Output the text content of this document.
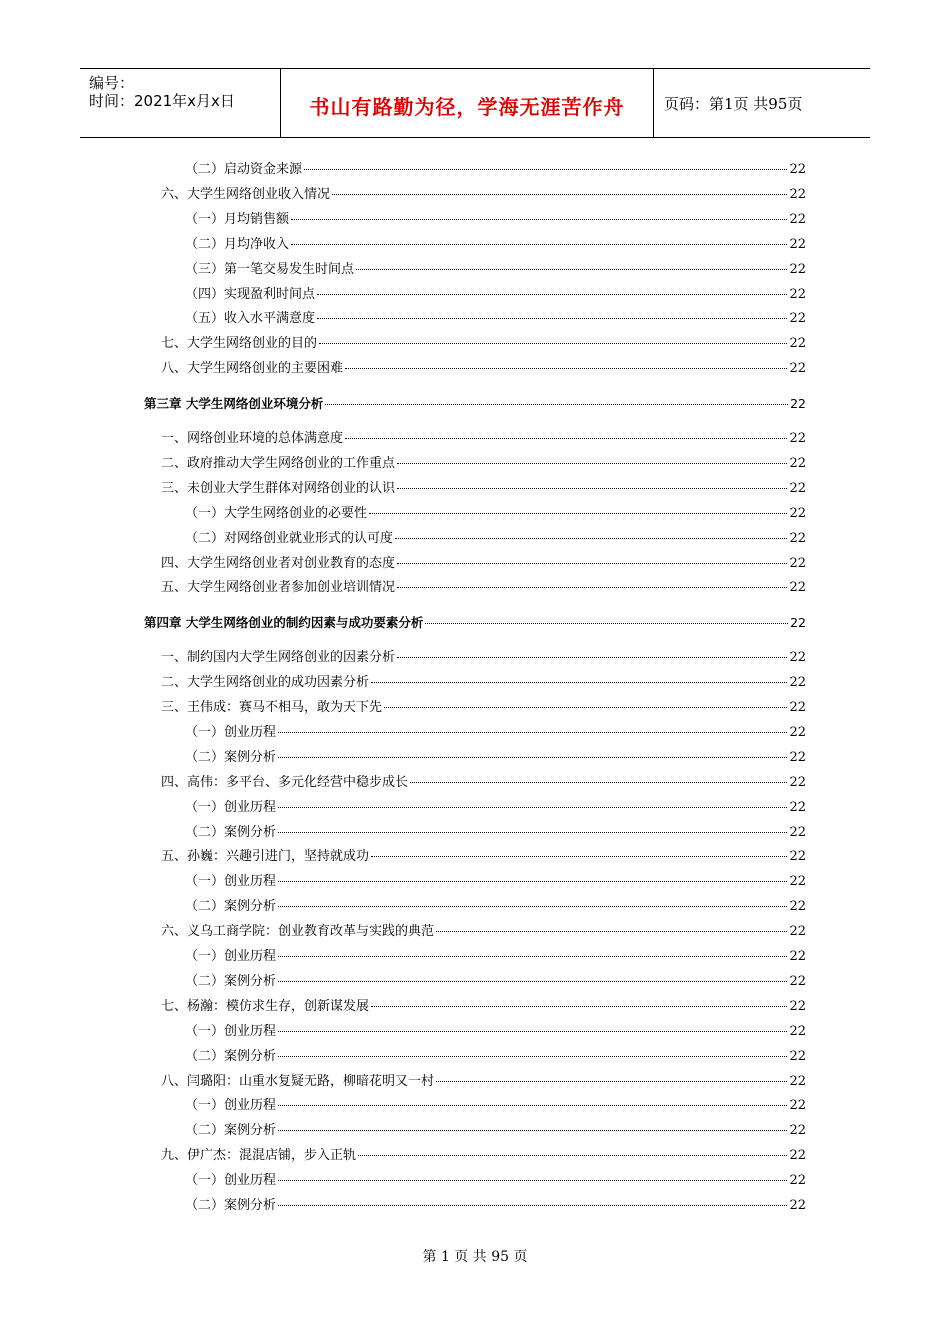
编号：
时间：2021年x月x日	书山有路勤为径，学海无涯苦作舟	页码：第1页 共95页
（二）启动资金来源	22
六、大学生网络创业收入情况	22
（一）月均销售额	22
（二）月均净收入	22
（三）第一笔交易发生时间点	22
（四）实现盈利时间点	22
（五）收入水平满意度	22
七、大学生网络创业的目的	22
八、大学生网络创业的主要困难	22
第三章 大学生网络创业环境分析	22
一、网络创业环境的总体满意度	22
二、政府推动大学生网络创业的工作重点	22
三、未创业大学生群体对网络创业的认识	22
（一）大学生网络创业的必要性	22
（二）对网络创业就业形式的认可度	22
四、大学生网络创业者对创业教育的态度	22
五、大学生网络创业者参加创业培训情况	22
第四章 大学生网络创业的制约因素与成功要素分析	22
一、制约国内大学生网络创业的因素分析	22
二、大学生网络创业的成功因素分析	22
三、王伟成：赛马不相马，敢为天下先	22
（一）创业历程	22
（二）案例分析	22
四、高伟：多平台、多元化经营中稳步成长	22
（一）创业历程	22
（二）案例分析	22
五、孙巍：兴趣引进门，坚持就成功	22
（一）创业历程	22
（二）案例分析	22
六、义乌工商学院：创业教育改革与实践的典范	22
（一）创业历程	22
（二）案例分析	22
七、杨瀚：模仿求生存，创新谋发展	22
（一）创业历程	22
（二）案例分析	22
八、闫璐阳：山重水复疑无路，柳暗花明又一村	22
（一）创业历程	22
（二）案例分析	22
九、伊广杰：混混店铺，步入正轨	22
（一）创业历程	22
（二）案例分析	22
第 1 页 共 95 页
